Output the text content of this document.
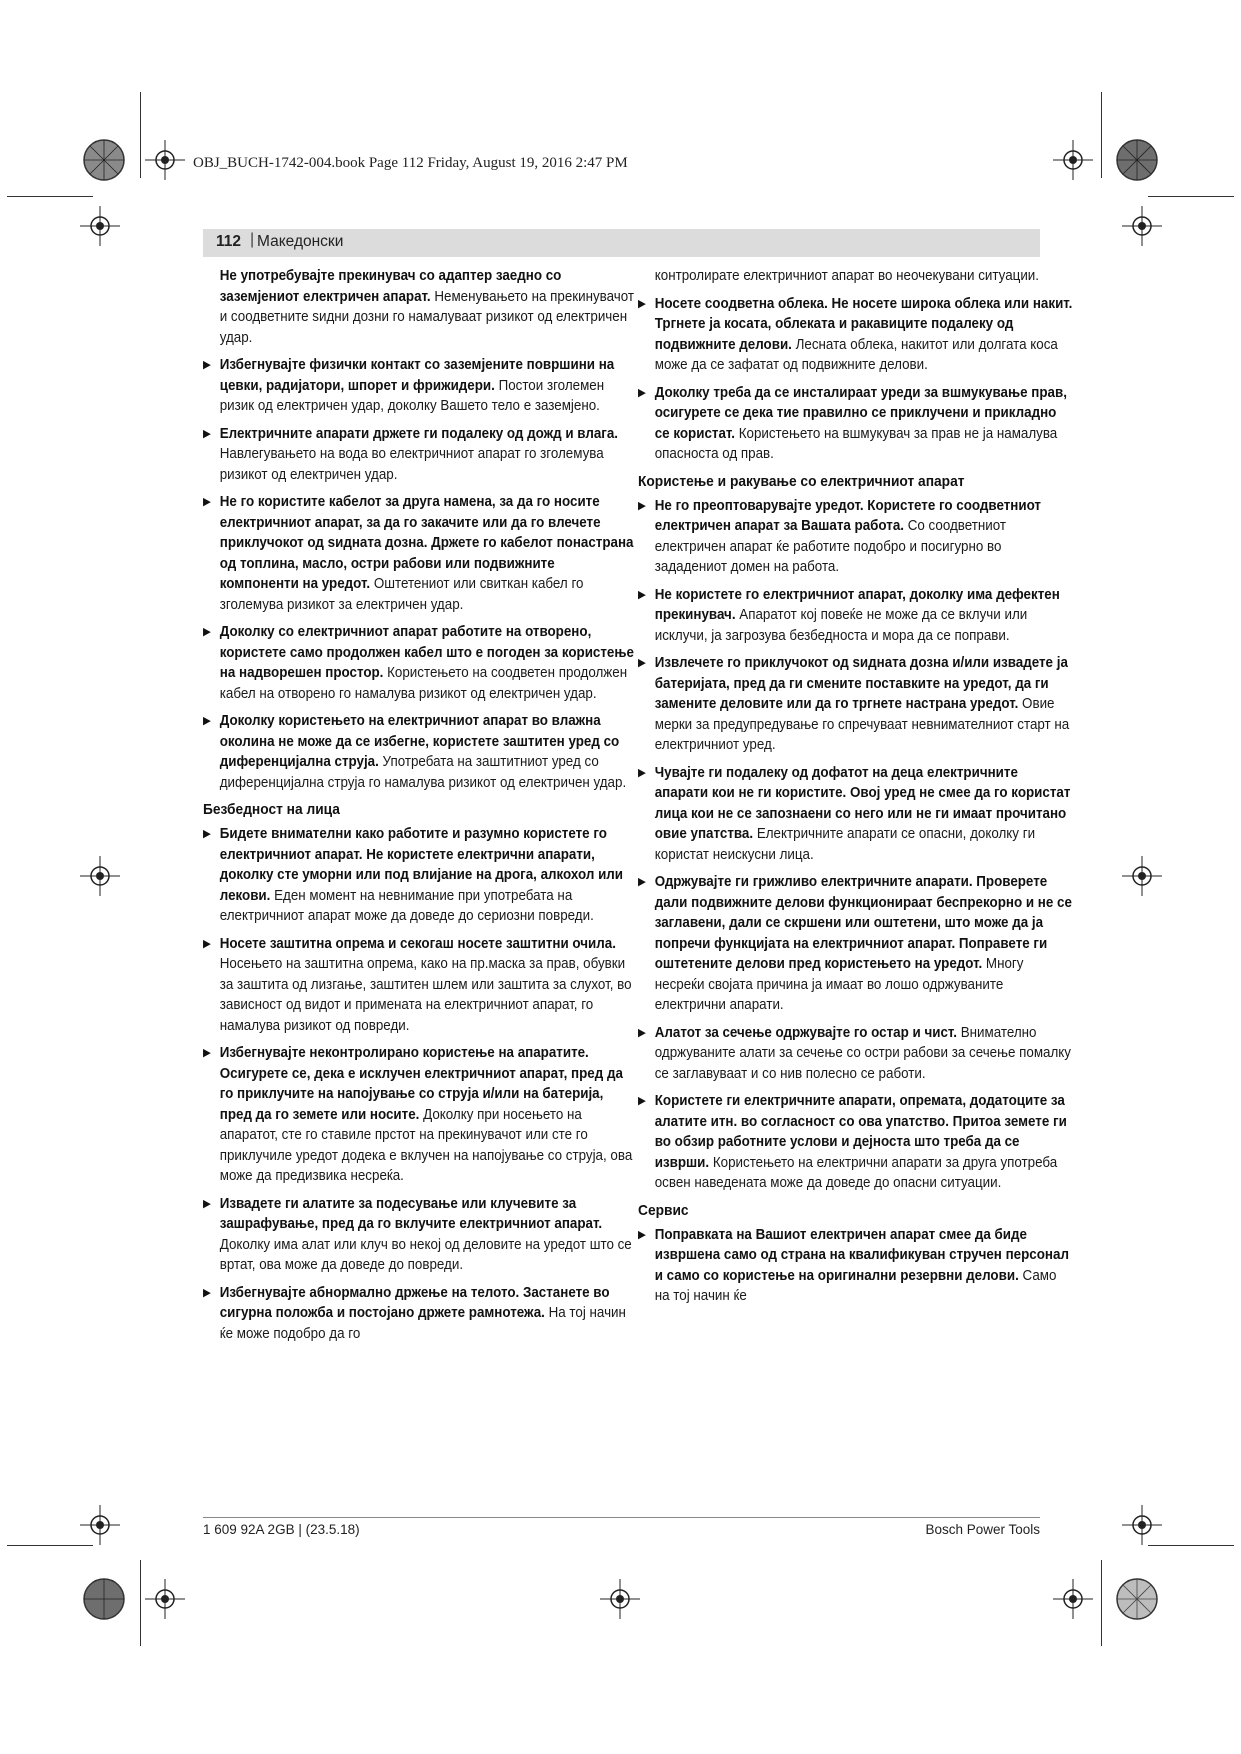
OBJ_BUCH-1742-004.book Page 112 Friday, August 19, 2016 2:47 PM
112 | Македонски
Не употребувајте прекинувач со адаптер заедно со заземјениот електричен апарат. Неменувањето на прекинувачот и соодветните sидни дозни го намалуваат ризикот од електричен удар.
▶ Избегнувајте физички контакт со заземјените површини на цевки, радијатори, шпорет и фрижидери. Постои зголемен ризик од електричен удар, доколку Вашето тело е заземјено.
▶ Електричните апарати држете ги подалеку од дожд и влага. Навлегувањето на вода во електричниот апарат го зголемува ризикот од електричен удар.
▶ Не го користите кабелот за друга намена, за да го носите електричниот апарат, за да го закачите или да го влечете приклучокот од sидната дозна. Држете го кабелот понастрана од топлина, масло, остри рабови или подвижните компоненти на уредот. Оштетениот или свиткан кабел го зголемува ризикот за електричен удар.
▶ Доколку со електричниот апарат работите на отворено, користете само продолжен кабел што е погоден за користење на надворешен простор. Користењето на соодветен продолжен кабел на отворено го намалува ризикот од електричен удар.
▶ Доколку користењето на електричниот апарат во влажна околина не може да се избегне, користете заштитен уред со диференцијална струја. Употребата на заштитниот уред со диференцијална струја го намалува ризикот од електричен удар.
Безбедност на лица
▶ Бидете внимателни како работите и разумно користете го електричниот апарат. Не користете електрични апарати, доколку сте уморни или под влијание на дрога, алкохол или лекови. Еден момент на невнимание при употребата на електричниот апарат може да доведе до сериозни повреди.
▶ Носете заштитна опрема и секогаш носете заштитни очила. Носењето на заштитна опрема, како на пр.маска за прав, обувки за заштита од лизгање, заштитен шлем или заштита за слухот, во зависност од видот и примената на електричниот апарат, го намалува ризикот од повреди.
▶ Избегнувајте неконтролирано користење на апаратите. Осигурете се, дека е исклучен електричниот апарат, пред да го приклучите на напојување со струја и/или на батерија, пред да го земете или носите. Доколку при носењето на апаратот, сте го ставиле прстот на прекинувачот или сте го приклучиле уредот додека е вклучен на напојување со струја, ова може да предизвика несреќа.
▶ Извадете ги алатите за подесување или клучевите за зашрафување, пред да го вклучите електричниот апарат. Доколку има алат или клуч во некој од деловите на уредот што се вртат, ова може да доведе до повреди.
▶ Избегнувајте абнормално држење на телото. Застанете во сигурна положба и постојано држете рамнотежа. На тој начин ќе може подобро да го
контролирате електричниот апарат во неочекувани ситуации.
▶ Носете соодветна облека. Не носете широка облека или накит. Тргнете ја косата, облеката и ракавиците подалеку од подвижните делови. Лесната облека, накитот или долгата коса може да се зафатат од подвижните делови.
▶ Доколку треба да се инсталираат уреди за вшмукување прав, осигурете се дека тие правилно се приклучени и прикладно се користат. Користењето на вшмукувач за прав не ја намалува опасноста од прав.
Користење и ракување со електричниот апарат
▶ Не го преоптоварувајте уредот. Користете го соодветниот електричен апарат за Вашата работа. Со соодветниот електричен апарат ќе работите подобро и посигурно во зададениот домен на работа.
▶ Не користете го електричниот апарат, доколку има дефектен прекинувач. Апаратот кој повеќе не може да се вклучи или исклучи, ја загрозува безбедноста и мора да се поправи.
▶ Извлечете го приклучокот од sидната дозна и/или извадете ја батеријата, пред да ги смените поставките на уредот, да ги замените деловите или да го тргнете настрана уредот. Овие мерки за предупредување го спречуваат невнимателниот старт на електричниот уред.
▶ Чувајте ги подалеку од дофатот на деца електричните апарати кои не ги користите. Овој уред не смее да го користат лица кои не се запознаени со него или не ги имаат прочитано овие упатства. Електричните апарати се опасни, доколку ги користат неискусни лица.
▶ Одржувајте ги грижливо електричните апарати. Проверете дали подвижните делови функционираат беспрекорно и не се заглавени, дали се скршени или оштетени, што може да ја попречи функцијата на електричниот апарат. Поправете ги оштетените делови пред користењето на уредот. Многу несреќи својата причина ја имаат во лошо одржуваните електрични апарати.
▶ Алатот за сечење одржувајте го остар и чист. Внимателно одржуваните алати за сечење со остри рабови за сечење помалку се заглавуваат и со нив полесно се работи.
▶ Користете ги електричните апарати, опремата, додатоците за алатите итн. во согласност со ова упатство. Притоа земете ги во обзир работните услови и дејноста што треба да се изврши. Користењето на електрични апарати за друга употреба освен наведената може да доведе до опасни ситуации.
Сервис
▶ Поправката на Вашиот електричен апарат смее да биде извршена само од страна на квалификуван стручен персонал и само со користење на оригинални резервни делови. Само на тој начин ќе
1 609 92A 2GB | (23.5.18)	Bosch Power Tools
